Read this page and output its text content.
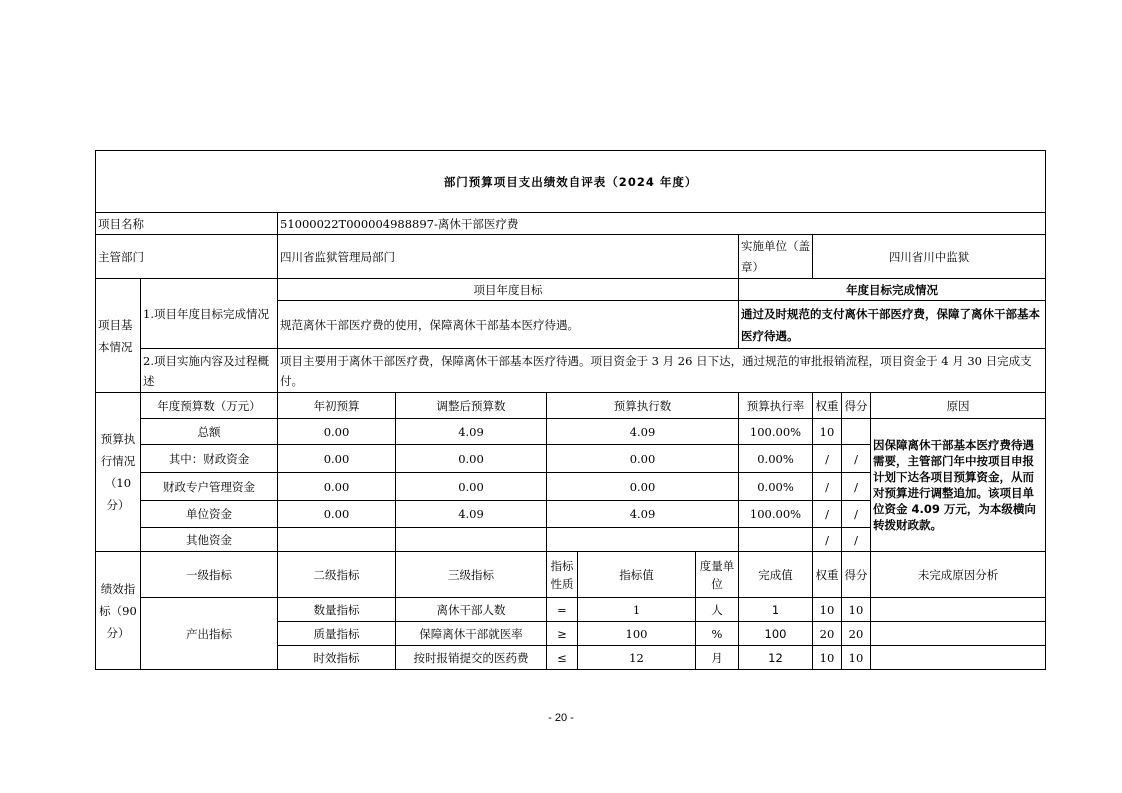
部门预算项目支出绩效自评表（2024 年度）										
项目名称		51000022T000004988897-离休干部医疗费								
主管部门		四川省监狱管理局部门					实施单位（盖章）	四川省川中监狱		
项目基本情况	1.项目年度目标完成情况	项目年度目标					年度目标完成情况			
		规范离休干部医疗费的使用，保障离休干部基本医疗待遇。					通过及时规范的支付离休干部医疗费，保障了离休干部基本医疗待遇。			
	2.项目实施内容及过程概述	项目主要用于离休干部医疗费，保障离休干部基本医疗待遇。项目资金于 3 月 26 日下达，通过规范的审批报销流程，项目资金于 4 月 30 日完成支付。								
预算执行情况（10分）	年度预算数（万元）	年初预算	调整后预算数	预算执行数			预算执行率	权重	得分	原因
	总额	0.00	4.09	4.09			100.00%	10		因保障离休干部基本医疗费待遇需要，主管部门年中按项目申报计划下达各项目预算资金，从而对预算进行调整追加。该项目单位资金 4.09 万元，为本级横向转拨财政款。
	其中：财政资金	0.00	0.00	0.00			0.00%	/	/	
	财政专户管理资金	0.00	0.00	0.00			0.00%	/	/	
	单位资金	0.00	4.09	4.09			100.00%	/	/	
	其他资金							/	/	
绩效指标（90分）	一级指标	二级指标	三级指标	指标性质	指标值	度量单位	完成值	权重	得分	未完成原因分析
	产出指标	数量指标	离休干部人数	=	1	人	1	10	10	
		质量指标	保障离休干部就医率	≥	100	%	100	20	20	
		时效指标	按时报销提交的医药费	≤	12	月	12	10	10	
- 20 -
